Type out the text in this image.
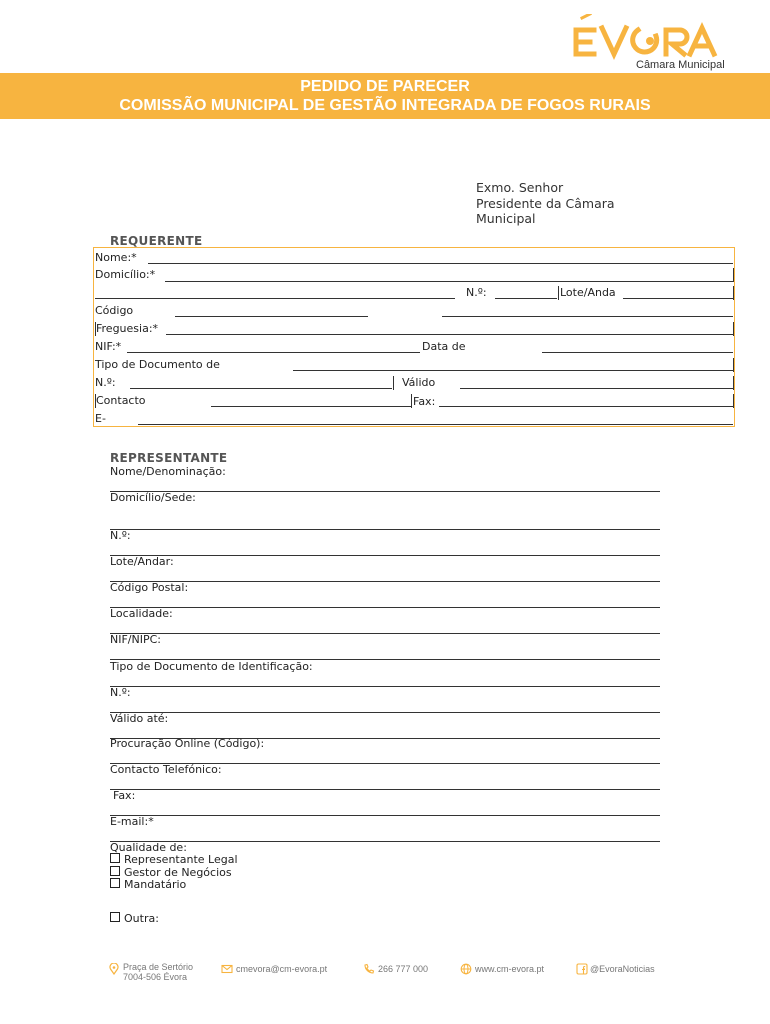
Câmara Municipal
PEDIDO DE PARECER
COMISSÃO MUNICIPAL DE GESTÃO INTEGRADA DE FOGOS RURAIS
Exmo. Senhor
Presidente da Câmara
Municipal
REQUERENTE
Nome:*
Domicílio:*
N.º:	Lote/Anda
Código
Freguesia:*
NIF:*	Data de
Tipo de Documento de
N.º:	Válido
Contacto	Fax:
E-
REPRESENTANTE
Nome/Denominação:
Domicílio/Sede:
N.º:
Lote/Andar:
Código Postal:
Localidade:
NIF/NIPC:
Tipo de Documento de Identificação:
N.º:
Válido até:
Procuração Online (Código):
Contacto Telefónico:
Fax:
E-mail:*
Qualidade de:
Representante Legal
Gestor de Negócios
Mandatário
Outra:
Praça de Sertório
7004-506 Évora
cmevora@cm-evora.pt	266 777 000	www.cm-evora.pt	@EvoraNoticias
